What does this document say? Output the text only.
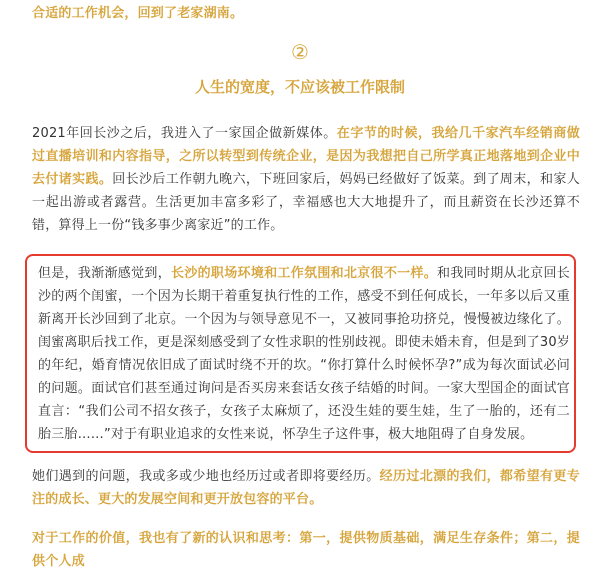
合适的工作机会，回到了老家湖南。
②
人生的宽度，不应该被工作限制
2021年回长沙之后，我进入了一家国企做新媒体。在字节的时候，我给几千家汽车经销商做过直播培训和内容指导，之所以转型到传统企业，是因为我想把自己所学真正地落地到企业中去付诸实践。回长沙后工作朝九晚六，下班回家后，妈妈已经做好了饭菜。到了周末，和家人一起出游或者露营。生活更加丰富多彩了，幸福感也大大地提升了，而且薪资在长沙还算不错，算得上一份“钱多事少离家近”的工作。
但是，我渐渐感觉到，长沙的职场环境和工作氛围和北京很不一样。和我同时期从北京回长沙的两个闺蜜，一个因为长期干着重复执行性的工作，感受不到任何成长，一年多以后又重新离开长沙回到了北京。一个因为与领导意见不一，又被同事抢功挤兑，慢慢被边缘化了。闺蜜离职后找工作，更是深刻感受到了女性求职的性别歧视。即使未婚未育，但是到了30岁的年纪，婚育情况依旧成了面试时绕不开的坎。“你打算什么时候怀孕?”成为每次面试必问的问题。面试官们甚至通过询问是否买房来套话女孩子结婚的时间。一家大型国企的面试官直言：“我们公司不招女孩子，女孩子太麻烦了，还没生娃的要生娃，生了一胎的，还有二胎三胎……”对于有职业追求的女性来说，怀孕生子这件事，极大地阻碍了自身发展。
她们遇到的问题，我或多或少地也经历过或者即将要经历。经历过北漂的我们，都希望有更专注的成长、更大的发展空间和更开放包容的平台。
对于工作的价值，我也有了新的认识和思考：第一，提供物质基础，满足生存条件；第二，提供个人成
